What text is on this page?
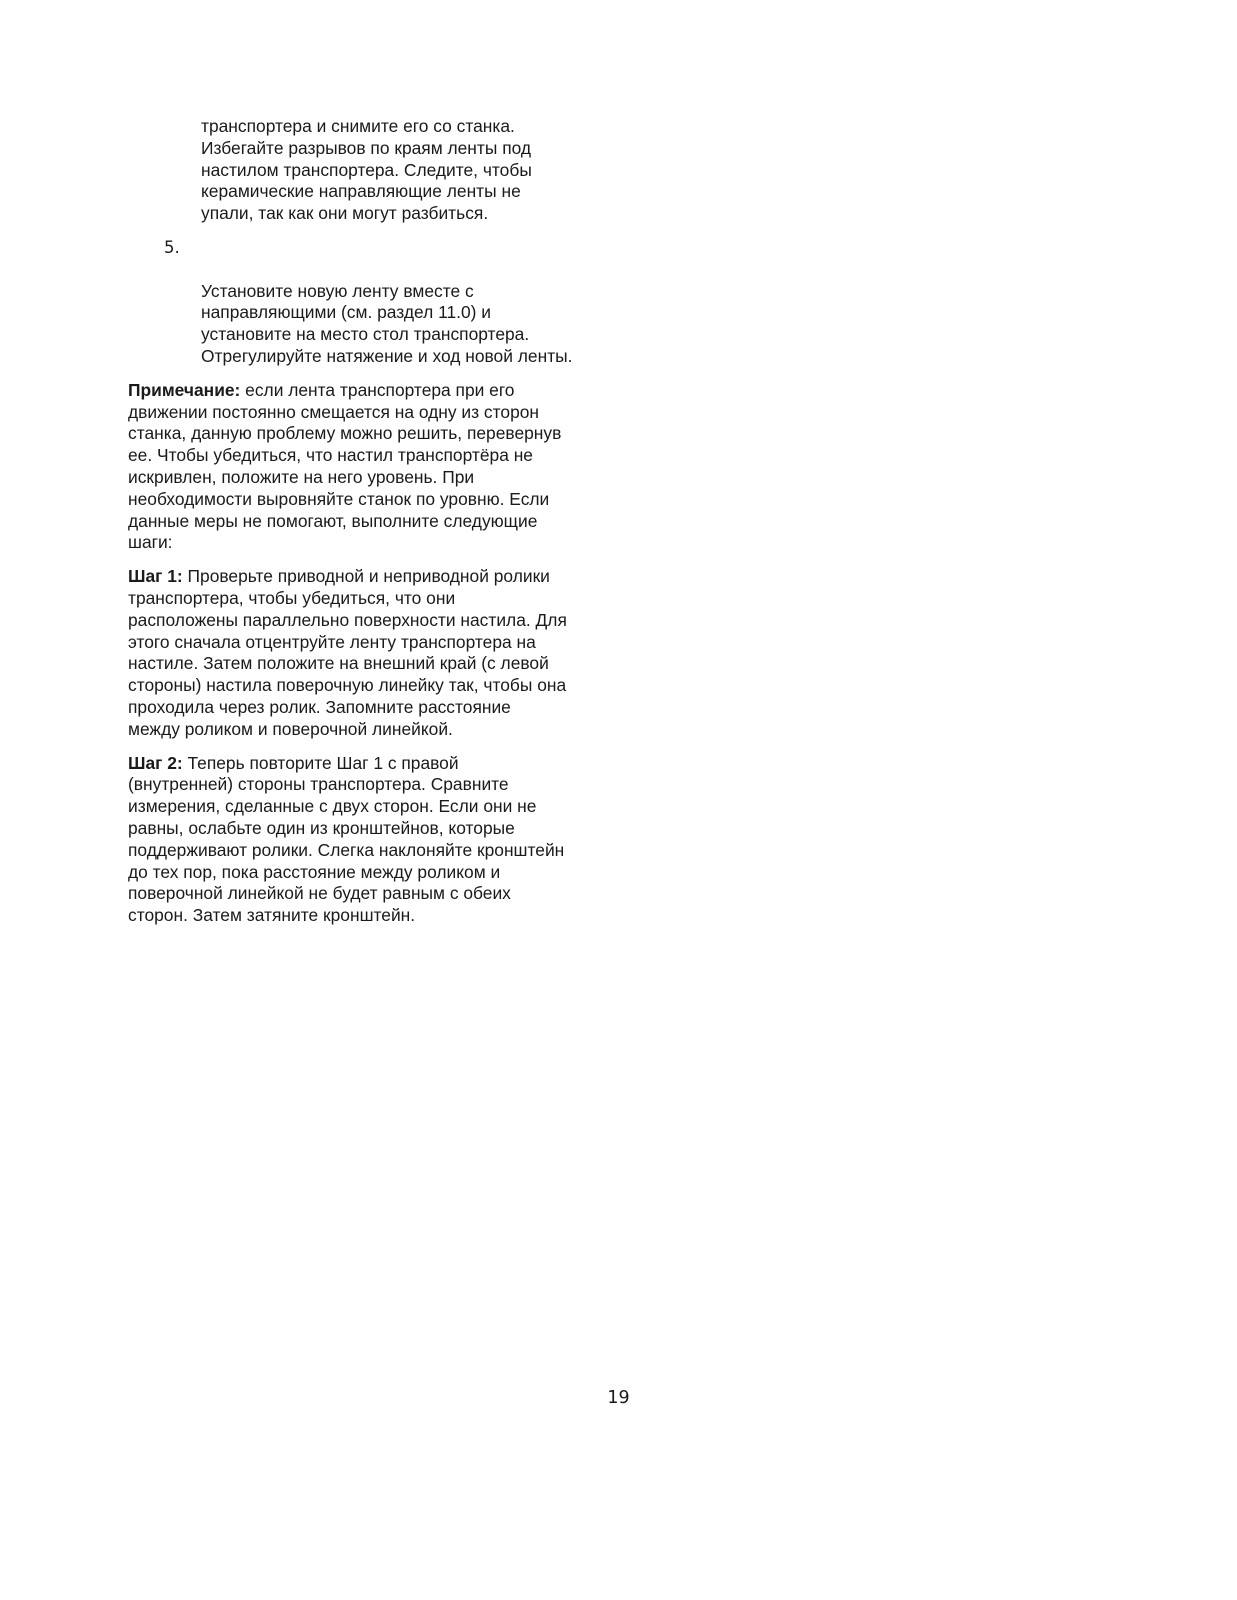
транспортера и снимите его со станка.
Избегайте разрывов по краям ленты под
настилом транспортера. Следите, чтобы
керамические направляющие ленты не
упали, так как они могут разбиться.

5.

Установите новую ленту вместе с
направляющими (см. раздел 11.0) и
установите на место стол транспортера.
Отрегулируйте натяжение и ход новой ленты.

Примечание: если лента транспортера при его
движении постоянно смещается на одну из сторон
станка, данную проблему можно решить, перевернув
ее. Чтобы убедиться, что настил транспортёра не
искривлен, положите на него уровень. При
необходимости выровняйте станок по уровню. Если
данные меры не помогают, выполните следующие
шаги:
Шаг 1: Проверьте приводной и неприводной ролики
транспортера, чтобы убедиться, что они
расположены параллельно поверхности настила. Для
этого сначала отцентруйте ленту транспортера на
настиле. Затем положите на внешний край (с левой
стороны) настила поверочную линейку так, чтобы она
проходила через ролик. Запомните расстояние
между роликом и поверочной линейкой.
Шаг 2: Теперь повторите Шаг 1 с правой
(внутренней) стороны транспортера. Сравните
измерения, сделанные с двух сторон. Если они не
равны, ослабьте один из кронштейнов, которые
поддерживают ролики. Слегка наклоняйте кронштейн
до тех пор, пока расстояние между роликом и
поверочной линейкой не будет равным с обеих
сторон. Затем затяните кронштейн.
19
